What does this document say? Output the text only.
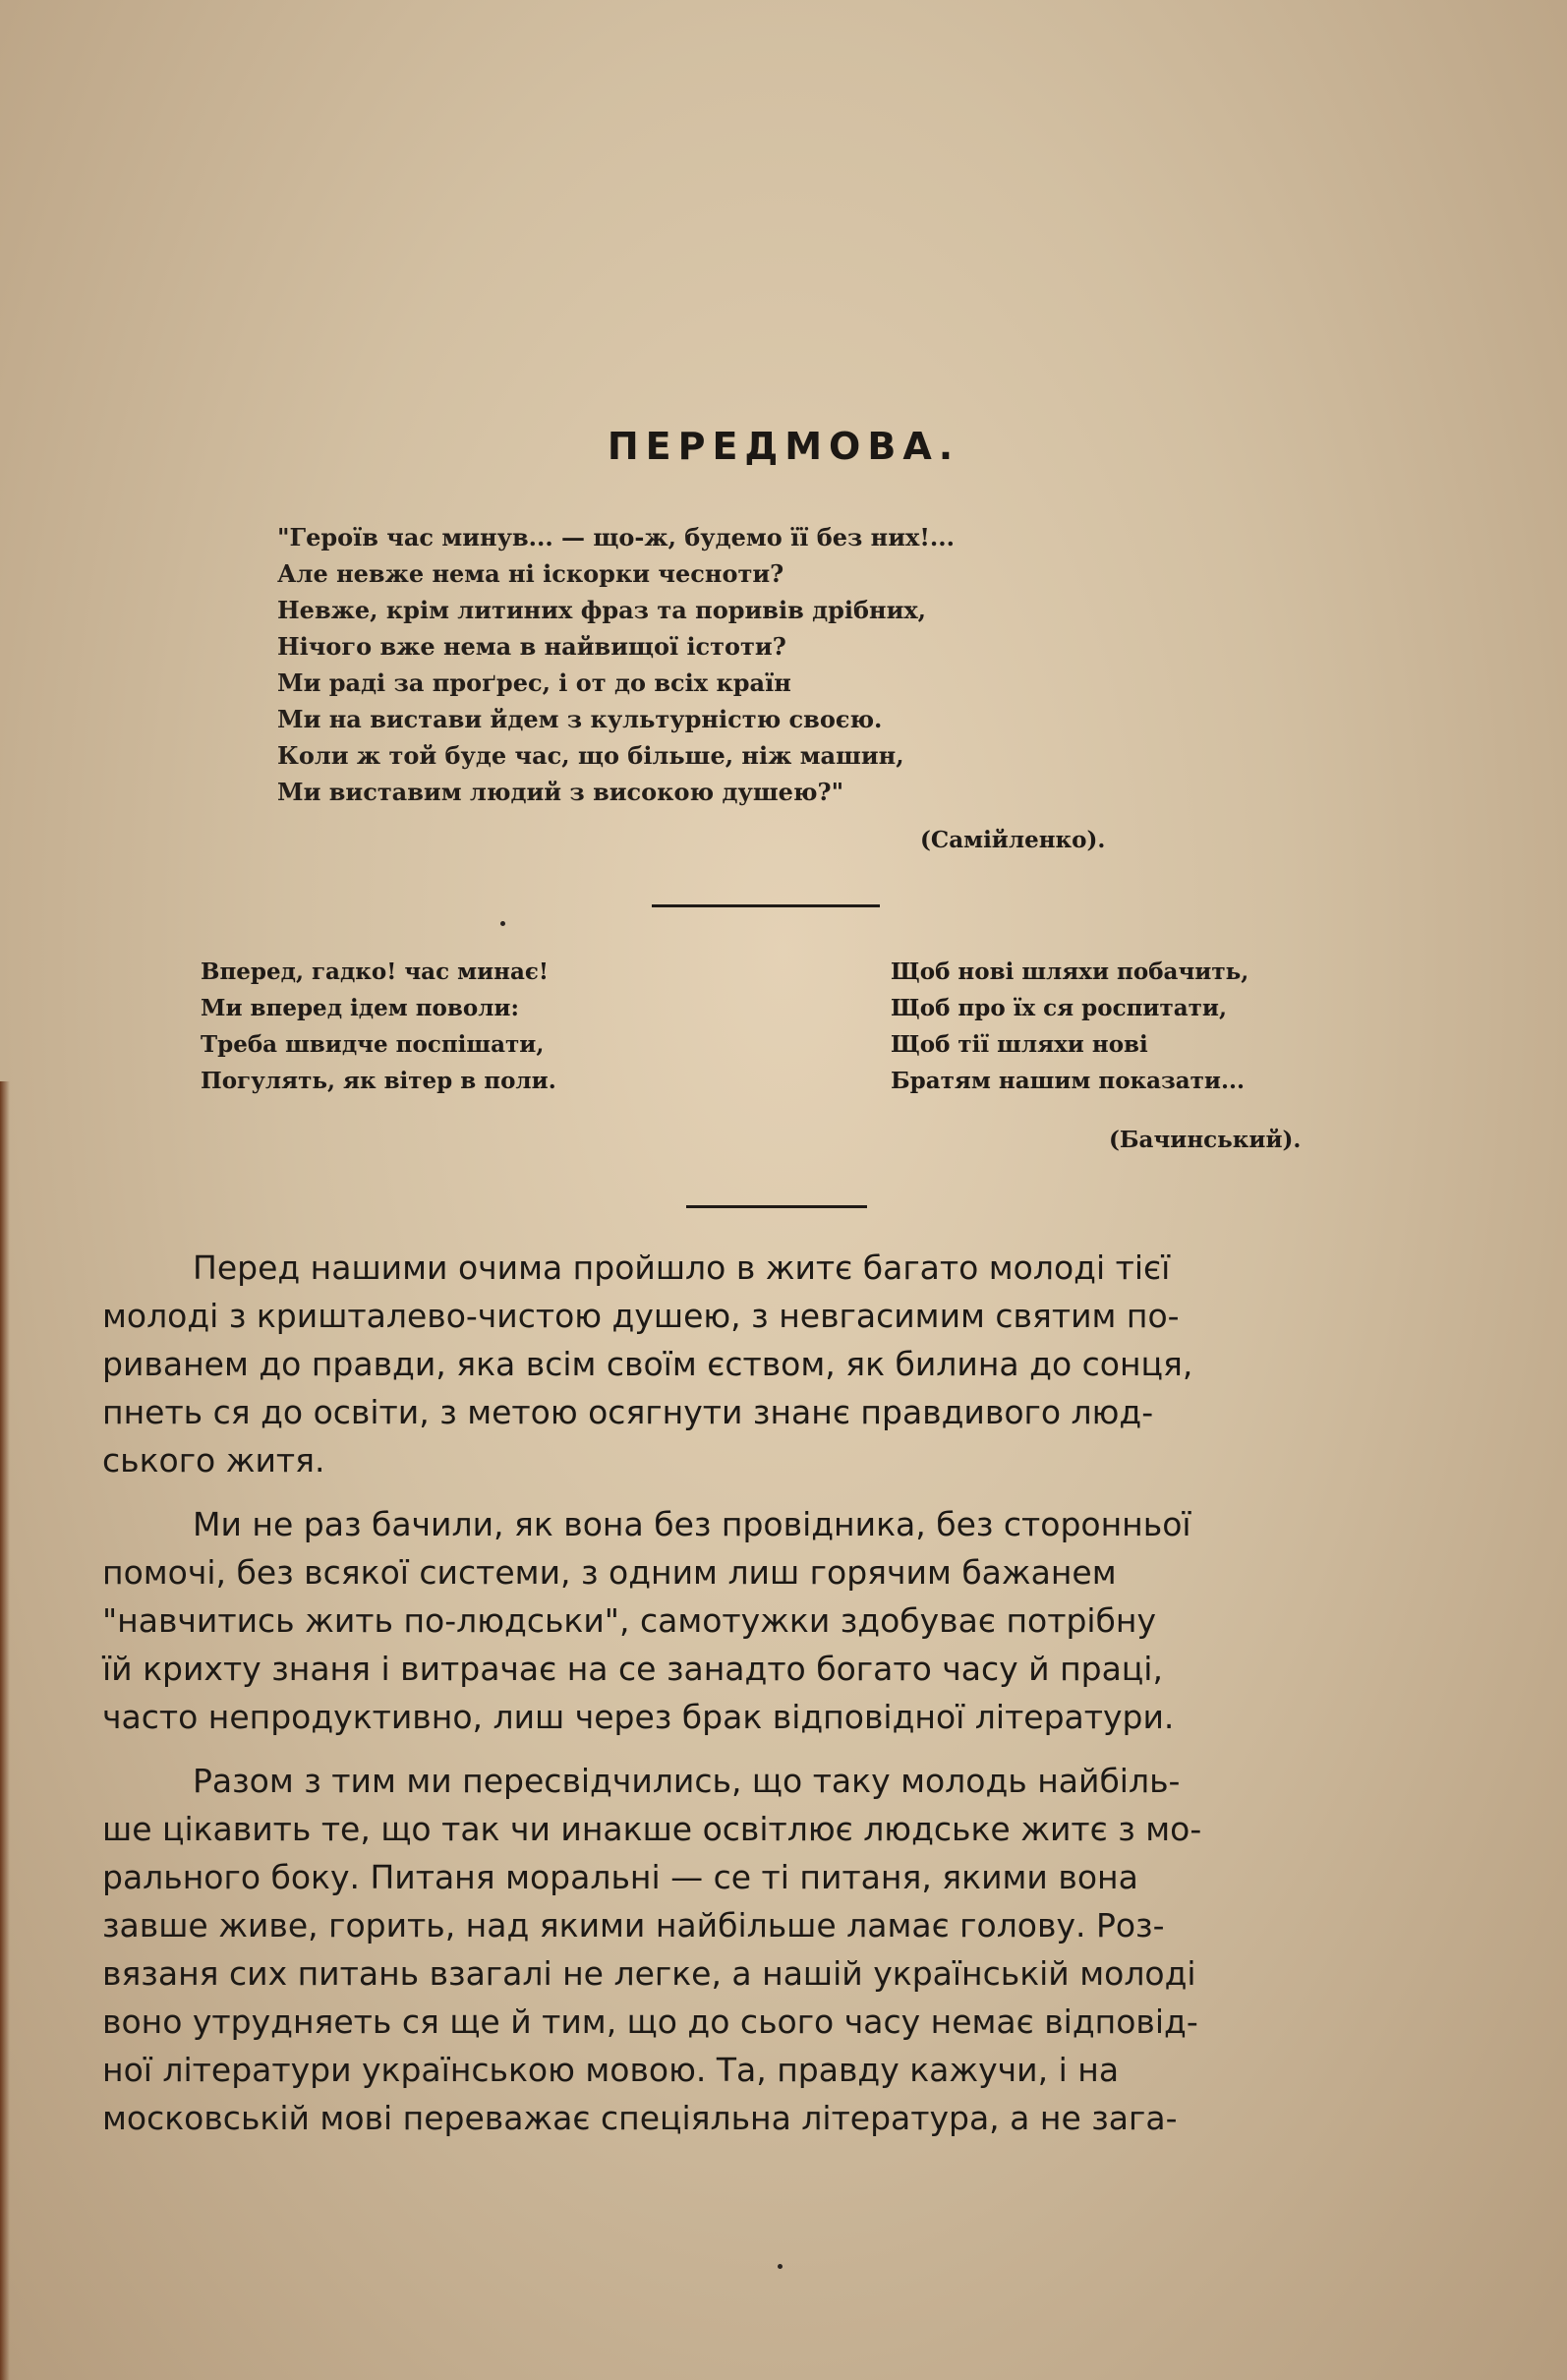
ПЕРЕДМОВА.
"Героїв час минув... — що-ж, будемо її без них!...
Але невже нема ні іскорки чесноти?
Невже, крім литиних фраз та поривів дрібних,
Нічого вже нема в найвищої істоти?
Ми раді за проґрес, і от до всіх країн
Ми на вистави йдем з культурністю своєю.
Коли ж той буде час, що більше, ніж машин,
Ми виставим людий з високою душею?"
(Самійленко).
Вперед, гадко! час минає!
Ми вперед ідем поволи:
Треба швидче поспішати,
Погулять, як вітер в поли.
Щоб нові шляхи побачить,
Щоб про їх ся роспитати,
Щоб тії шляхи нові
Братям нашим показати...
(Бачинський).
Перед нашими очима пройшло в житє багато молоді тієї
молоді з кришталево-чистою душею, з невгасимим святим по-
риванем до правди, яка всім своїм єством, як билина до сонця,
пнеть ся до освіти, з метою осягнути знанє правдивого люд-
ського житя.
Ми не раз бачили, як вона без провідника, без сторонньої
помочі, без всякої системи, з одним лиш горячим бажанем
"навчитись жить по-людськи", самотужки здобуває потрібну
їй крихту знаня і витрачає на се занадто богато часу й праці,
часто непродуктивно, лиш через брак відповідної літератури.
Разом з тим ми пересвідчились, що таку молодь найбіль-
ше цікавить те, що так чи инакше освітлює людське житє з мо-
рального боку. Питаня моральні — се ті питаня, якими вона
завше живе, горить, над якими найбільше ламає голову. Роз-
вязаня сих питань взагалі не легке, а нашій українській молоді
воно утрудняеть ся ще й тим, що до сього часу немає відповід-
ної літератури українською мовою. Та, правду кажучи, і на
московській мові переважає спеціяльна література, а не зага-
